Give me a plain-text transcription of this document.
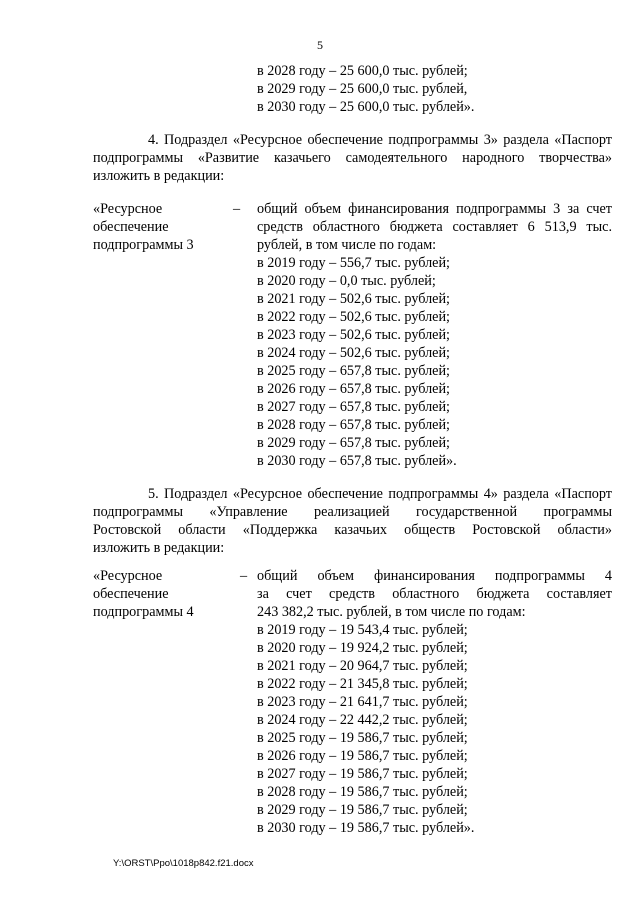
5
в 2028 году – 25 600,0 тыс. рублей;
в 2029 году – 25 600,0 тыс. рублей,
в 2030 году – 25 600,0 тыс. рублей».
4. Подраздел «Ресурсное обеспечение подпрограммы 3» раздела «Паспорт
подпрограммы «Развитие казачьего самодеятельного народного творчества»
изложить в редакции:
«Ресурсное
обеспечение
подпрограммы 3
– общий объем финансирования подпрограммы 3 за счет
средств областного бюджета составляет 6 513,9 тыс.
рублей, в том числе по годам:
в 2019 году – 556,7 тыс. рублей;
в 2020 году – 0,0 тыс. рублей;
в 2021 году – 502,6 тыс. рублей;
в 2022 году – 502,6 тыс. рублей;
в 2023 году – 502,6 тыс. рублей;
в 2024 году – 502,6 тыс. рублей;
в 2025 году – 657,8 тыс. рублей;
в 2026 году – 657,8 тыс. рублей;
в 2027 году – 657,8 тыс. рублей;
в 2028 году – 657,8 тыс. рублей;
в 2029 году – 657,8 тыс. рублей;
в 2030 году – 657,8 тыс. рублей».
5. Подраздел «Ресурсное обеспечение подпрограммы 4» раздела «Паспорт
подпрограммы «Управление реализацией государственной программы
Ростовской области «Поддержка казачьих обществ Ростовской области»
изложить в редакции:
«Ресурсное
обеспечение
подпрограммы 4
– общий объем финансирования подпрограммы 4
за счет средств областного бюджета составляет
243 382,2 тыс. рублей, в том числе по годам:
в 2019 году – 19 543,4 тыс. рублей;
в 2020 году – 19 924,2 тыс. рублей;
в 2021 году – 20 964,7 тыс. рублей;
в 2022 году – 21 345,8 тыс. рублей;
в 2023 году – 21 641,7 тыс. рублей;
в 2024 году – 22 442,2 тыс. рублей;
в 2025 году – 19 586,7 тыс. рублей;
в 2026 году – 19 586,7 тыс. рублей;
в 2027 году – 19 586,7 тыс. рублей;
в 2028 году – 19 586,7 тыс. рублей;
в 2029 году – 19 586,7 тыс. рублей;
в 2030 году – 19 586,7 тыс. рублей».
Y:\ORST\Ppo\1018p842.f21.docx
